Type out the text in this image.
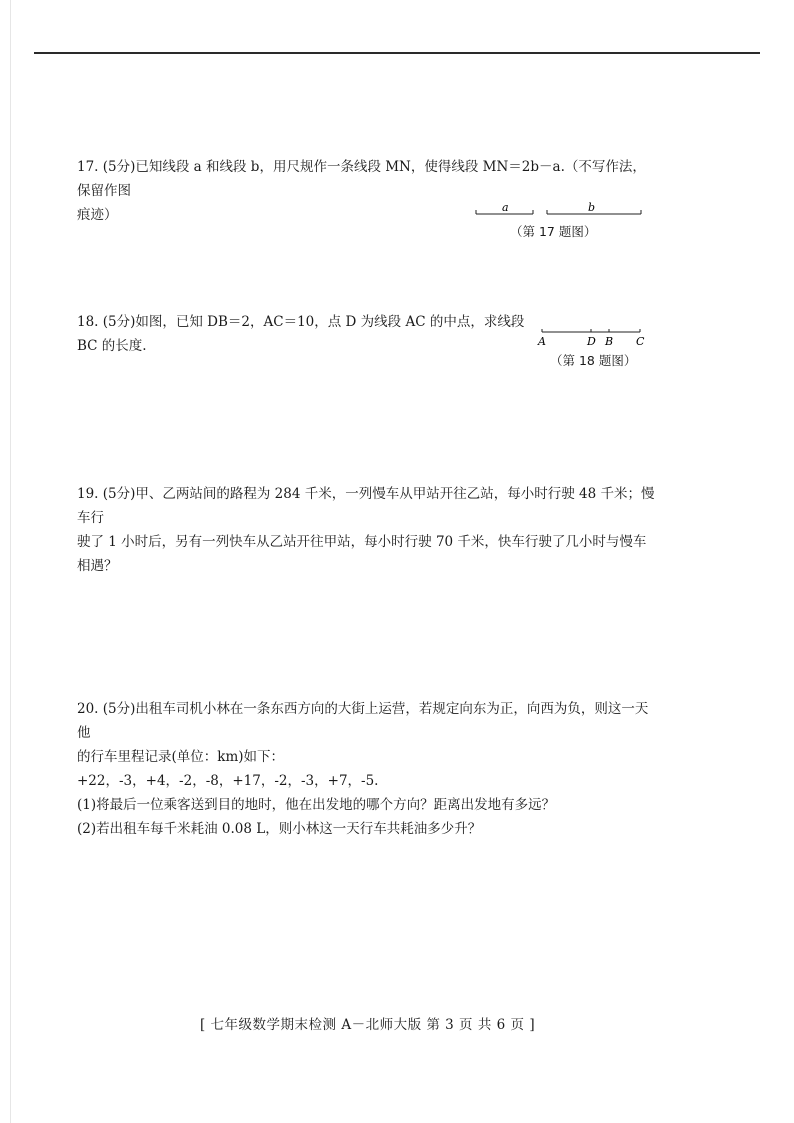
17. (5分)已知线段 a 和线段 b，用尺规作一条线段 MN，使得线段 MN＝2b－a.（不写作法，保留作图

痕迹）	a	b
（第 17 题图）

18. (5分)如图，已知 DB＝2，AC＝10，点 D 为线段 AC 的中点，求线段 BC 的长度.	A	D B C
（第 18 题图）

19. (5分)甲、乙两站间的路程为 284 千米，一列慢车从甲站开往乙站，每小时行驶 48 千米；慢车行

驶了 1 小时后，另有一列快车从乙站开往甲站，每小时行驶 70 千米，快车行驶了几小时与慢车

相遇？

20. (5分)出租车司机小林在一条东西方向的大街上运营，若规定向东为正，向西为负，则这一天他

的行车里程记录(单位：km)如下：

+22，-3，+4，-2，-8，+17，-2，-3，+7，-5.

(1)将最后一位乘客送到目的地时，他在出发地的哪个方向？距离出发地有多远？

(2)若出租车每千米耗油 0.08 L，则小林这一天行车共耗油多少升？

[ 七年级数学期末检测 A－北师大版 第 3 页 共 6 页 ]
